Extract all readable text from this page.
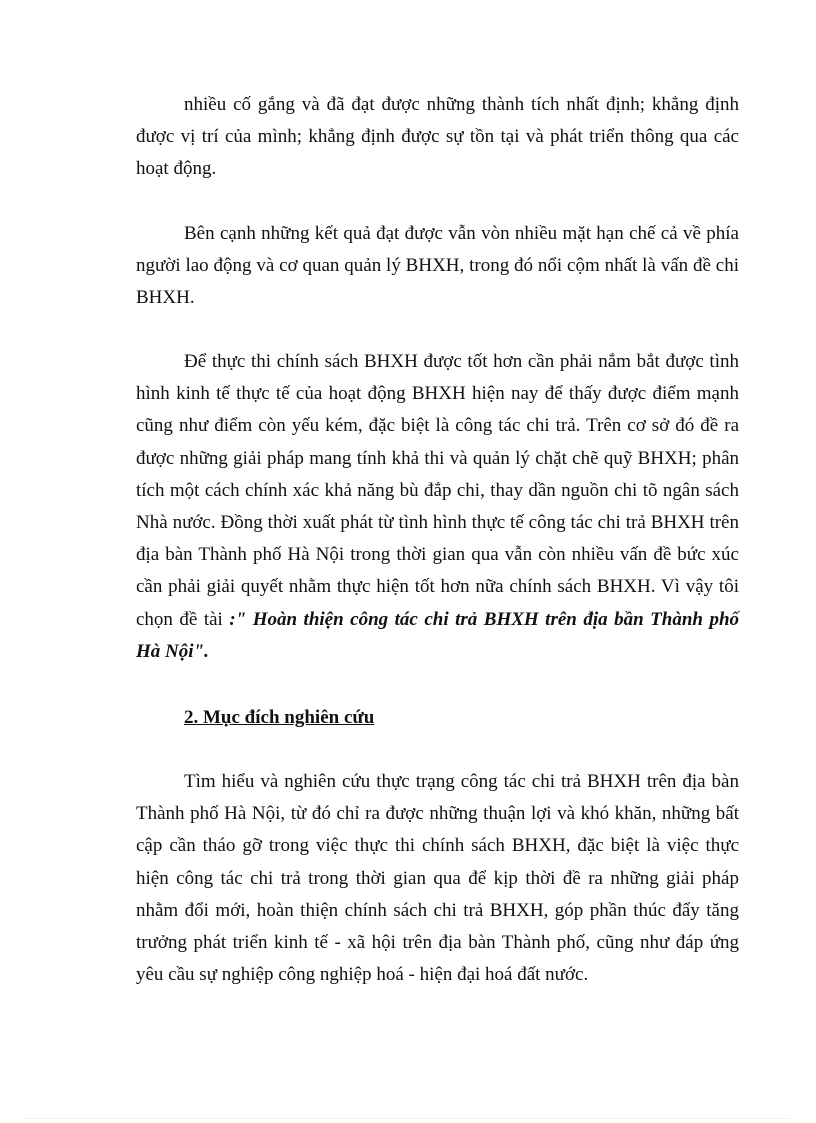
nhiều cố gắng và đã đạt được những thành tích nhất định; khẳng định được vị trí của mình; khẳng định được sự tồn tại và phát triển thông qua các hoạt động.

Bên cạnh những kết quả đạt được vẫn vòn nhiều mặt hạn chế cả về phía người lao động và cơ quan quản lý BHXH, trong đó nổi cộm nhất là vấn đề chi BHXH.

Để thực thi chính sách BHXH được tốt hơn cần phải nắm bắt được tình hình kinh tế thực tế của hoạt động BHXH hiện nay để thấy được điểm mạnh cũng như điểm còn yếu kém, đặc biệt là công tác chi trả. Trên cơ sở đó đề ra được những giải pháp mang tính khả thi và quản lý chặt chẽ quỹ BHXH; phân tích một cách chính xác khả năng bù đắp chi, thay dần nguồn chi tõ ngân sách Nhà nước. Đồng thời xuất phát từ tình hình thực tế công tác chi trả BHXH trên địa bàn Thành phố Hà Nội trong thời gian qua vẫn còn nhiều vấn đề bức xúc cần phải giải quyết nhằm thực hiện tốt hơn nữa chính sách BHXH. Vì vậy tôi chọn đề tài :" Hoàn thiện công tác chi trả BHXH trên địa bần Thành phố Hà Nội".

2. Mục đích nghiên cứu

Tìm hiểu và nghiên cứu thực trạng công tác chi trả BHXH trên địa bàn Thành phố Hà Nội, từ đó chỉ ra được những thuận lợi và khó khăn, những bất cập cần tháo gỡ trong việc thực thi chính sách BHXH, đặc biệt là việc thực hiện công tác chi trả trong thời gian qua để kịp thời đề ra những giải pháp nhằm đổi mới, hoàn thiện chính sách chi trả BHXH, góp phần thúc đẩy tăng trưởng phát triển kinh tế - xã hội trên địa bàn Thành phố, cũng như đáp ứng yêu cầu sự nghiệp công nghiệp hoá - hiện đại hoá đất nước.
